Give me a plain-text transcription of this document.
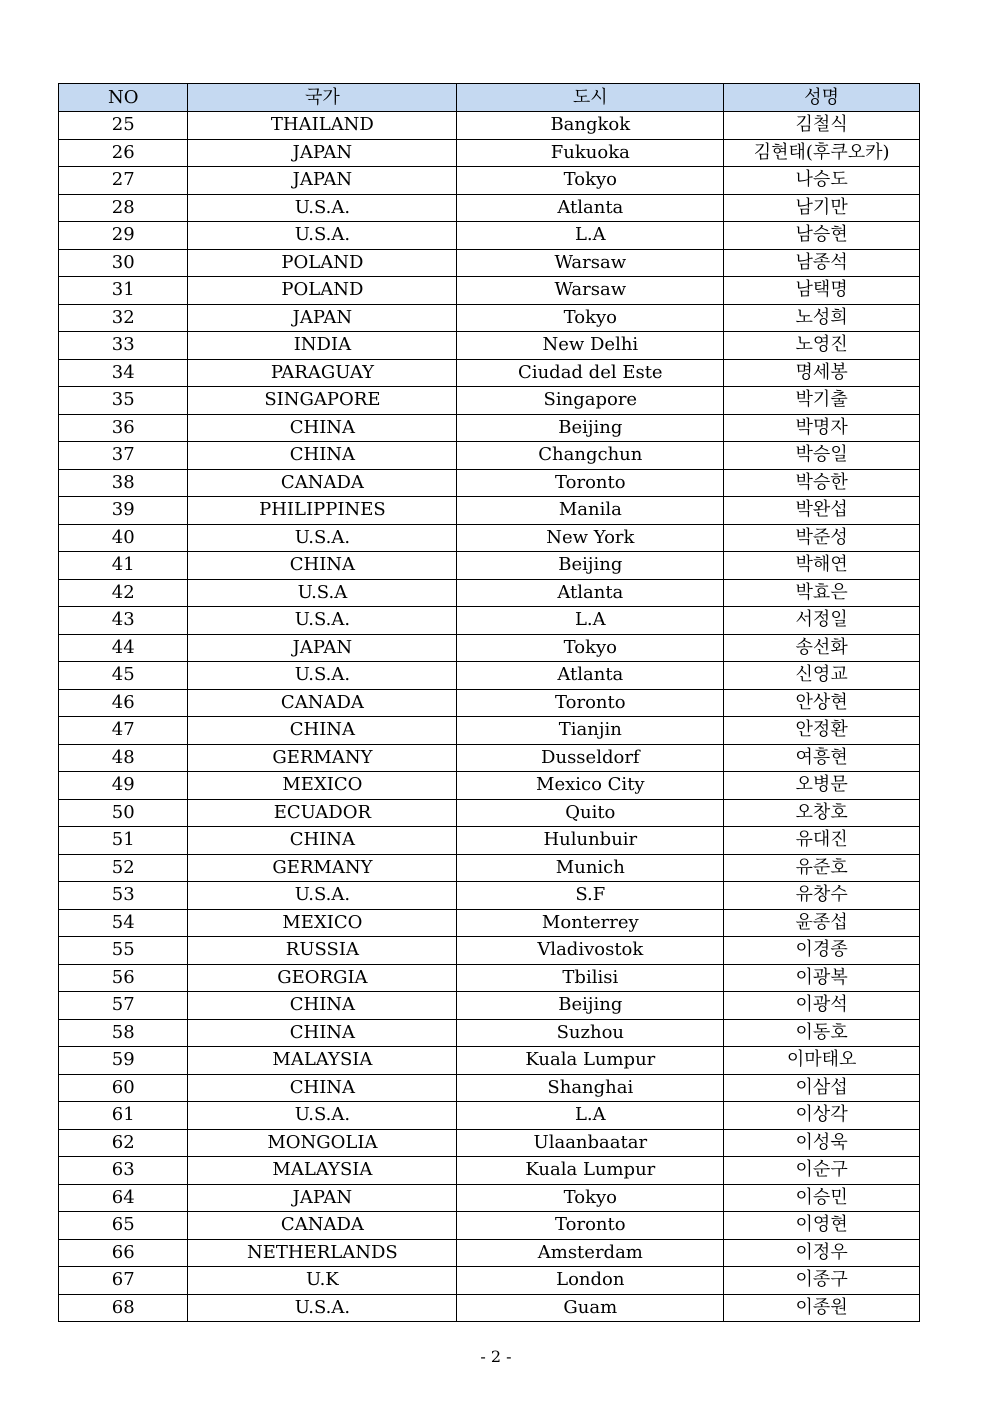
NO	국가	도시	성명
25	THAILAND	Bangkok	김철식
26	JAPAN	Fukuoka	김현태(후쿠오카)
27	JAPAN	Tokyo	나승도
28	U.S.A.	Atlanta	남기만
29	U.S.A.	L.A	남승현
30	POLAND	Warsaw	남종석
31	POLAND	Warsaw	남택명
32	JAPAN	Tokyo	노성희
33	INDIA	New Delhi	노영진
34	PARAGUAY	Ciudad del Este	명세봉
35	SINGAPORE	Singapore	박기출
36	CHINA	Beijing	박명자
37	CHINA	Changchun	박승일
38	CANADA	Toronto	박승한
39	PHILIPPINES	Manila	박완섭
40	U.S.A.	New York	박준성
41	CHINA	Beijing	박해연
42	U.S.A	Atlanta	박효은
43	U.S.A.	L.A	서정일
44	JAPAN	Tokyo	송선화
45	U.S.A.	Atlanta	신영교
46	CANADA	Toronto	안상현
47	CHINA	Tianjin	안정환
48	GERMANY	Dusseldorf	여흥현
49	MEXICO	Mexico City	오병문
50	ECUADOR	Quito	오창호
51	CHINA	Hulunbuir	유대진
52	GERMANY	Munich	유준호
53	U.S.A.	S.F	유창수
54	MEXICO	Monterrey	윤종섭
55	RUSSIA	Vladivostok	이경종
56	GEORGIA	Tbilisi	이광복
57	CHINA	Beijing	이광석
58	CHINA	Suzhou	이동호
59	MALAYSIA	Kuala Lumpur	이마태오
60	CHINA	Shanghai	이삼섭
61	U.S.A.	L.A	이상각
62	MONGOLIA	Ulaanbaatar	이성욱
63	MALAYSIA	Kuala Lumpur	이순구
64	JAPAN	Tokyo	이승민
65	CANADA	Toronto	이영현
66	NETHERLANDS	Amsterdam	이정우
67	U.K	London	이종구
68	U.S.A.	Guam	이종원
- 2 -
